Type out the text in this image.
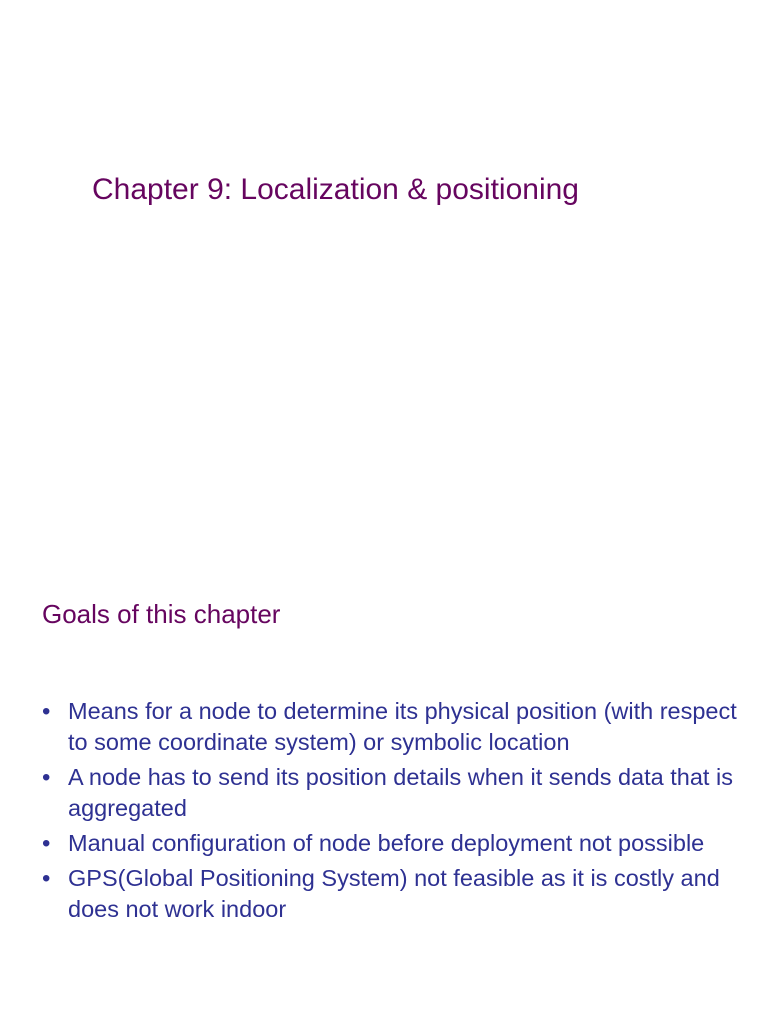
Chapter 9: Localization & positioning
Goals of this chapter
• Means for a node to determine its physical position (with respect to some coordinate system) or symbolic location
• A node has to send its position details when it sends data that is aggregated
• Manual configuration of node before deployment not possible
• GPS(Global Positioning System) not feasible as it is costly and does not work indoor
